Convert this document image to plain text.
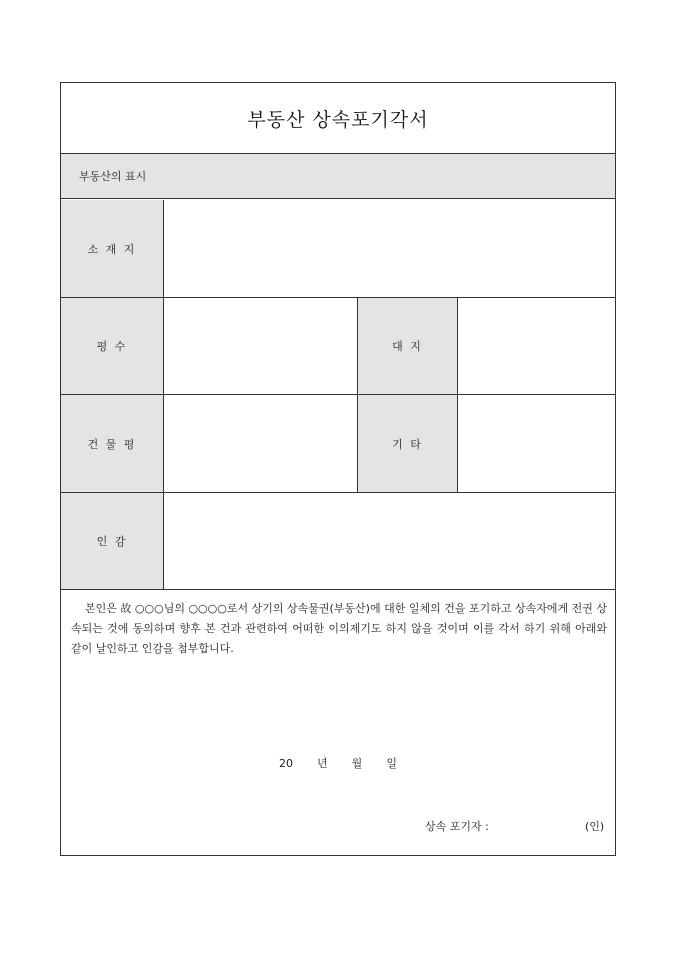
부동산 상속포기각서
부동산의 표시
소 재 지
평 수	대 지
건 물 평	기 타
인 감
본인은 故 ○○○님의 ○○○○로서 상기의 상속물권(부동산)에 대한 일체의 건을 포기하고 상속자에게 전권 상속되는 것에 동의하며 향후 본 건과 관련하여 어떠한 이의제기도 하지 않을 것이며 이를 각서 하기 위해 아래와 같이 날인하고 인감을 첨부합니다.
20 년 월 일
상속 포기자 :	(인)
